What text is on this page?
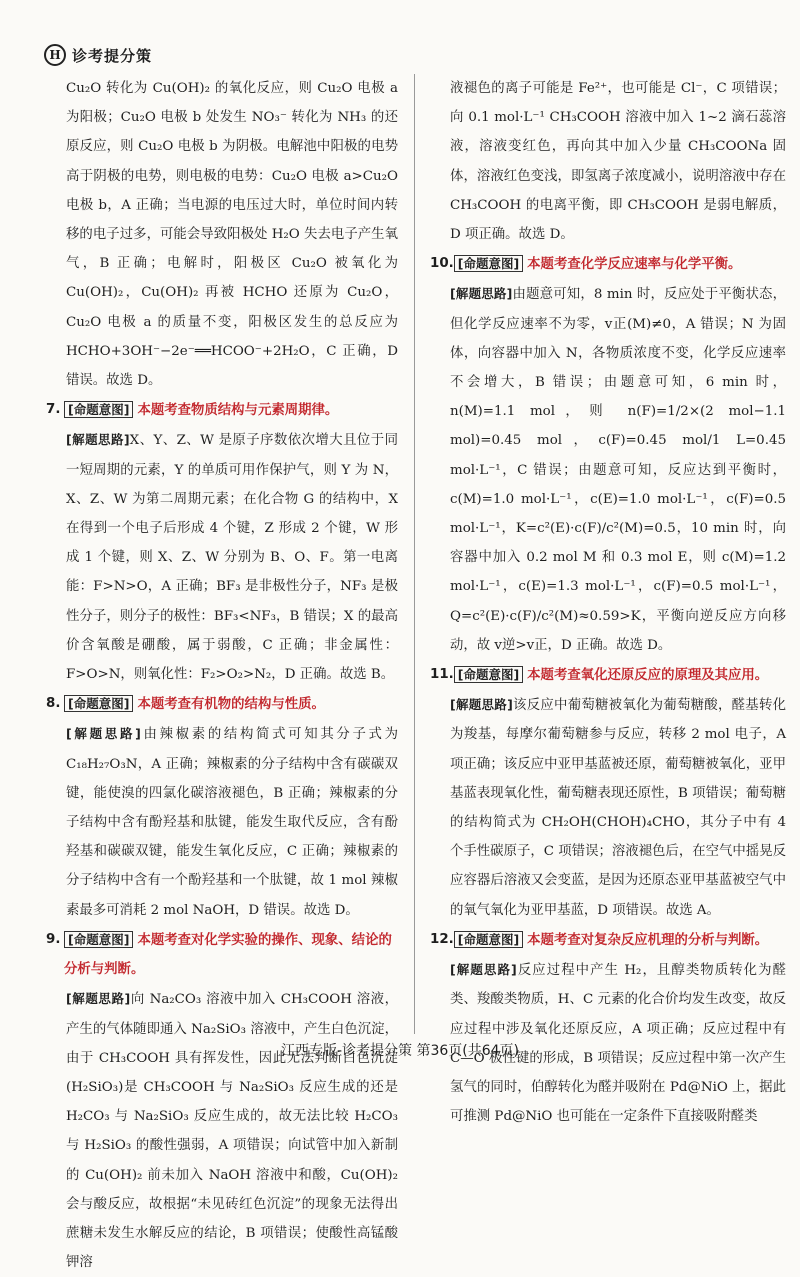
H 诊考提分策

Cu₂O 转化为 Cu(OH)₂ 的氧化反应，则 Cu₂O 电极 a 为阳极；Cu₂O 电极 b 处发生 NO₃⁻ 转化为 NH₃ 的还原反应，则 Cu₂O 电极 b 为阴极。电解池中阳极的电势高于阴极的电势，则电极的电势：Cu₂O 电极 a>Cu₂O 电极 b，A 正确；当电源的电压过大时，单位时间内转移的电子过多，可能会导致阳极处 H₂O 失去电子产生氧气，B 正确；电解时，阳极区 Cu₂O 被氧化为 Cu(OH)₂，Cu(OH)₂ 再被 HCHO 还原为 Cu₂O，Cu₂O 电极 a 的质量不变，阳极区发生的总反应为 HCHO+3OH⁻−2e⁻══HCOO⁻+2H₂O，C 正确，D 错误。故选 D。

7. [命题意图] 本题考查物质结构与元素周期律。

[解题思路]X、Y、Z、W 是原子序数依次增大且位于同一短周期的元素，Y 的单质可用作保护气，则 Y 为 N，X、Z、W 为第二周期元素；在化合物 G 的结构中，X 在得到一个电子后形成 4 个键，Z 形成 2 个键，W 形成 1 个键，则 X、Z、W 分别为 B、O、F。第一电离能：F>N>O，A 正确；BF₃ 是非极性分子，NF₃ 是极性分子，则分子的极性：BF₃<NF₃，B 错误；X 的最高价含氧酸是硼酸，属于弱酸，C 正确；非金属性：F>O>N，则氧化性：F₂>O₂>N₂，D 正确。故选 B。

8. [命题意图] 本题考查有机物的结构与性质。

[解题思路]由辣椒素的结构简式可知其分子式为 C₁₈H₂₇O₃N，A 正确；辣椒素的分子结构中含有碳碳双键，能使溴的四氯化碳溶液褪色，B 正确；辣椒素的分子结构中含有酚羟基和肽键，能发生取代反应，含有酚羟基和碳碳双键，能发生氧化反应，C 正确；辣椒素的分子结构中含有一个酚羟基和一个肽键，故 1 mol 辣椒素最多可消耗 2 mol NaOH，D 错误。故选 D。

9. [命题意图] 本题考查对化学实验的操作、现象、结论的分析与判断。

[解题思路]向 Na₂CO₃ 溶液中加入 CH₃COOH 溶液，产生的气体随即通入 Na₂SiO₃ 溶液中，产生白色沉淀，由于 CH₃COOH 具有挥发性，因此无法判断白色沉淀(H₂SiO₃)是 CH₃COOH 与 Na₂SiO₃ 反应生成的还是 H₂CO₃ 与 Na₂SiO₃ 反应生成的，故无法比较 H₂CO₃ 与 H₂SiO₃ 的酸性强弱，A 项错误；向试管中加入新制的 Cu(OH)₂ 前未加入 NaOH 溶液中和酸，Cu(OH)₂ 会与酸反应，故根据“未见砖红色沉淀”的现象无法得出蔗糖未发生水解反应的结论，B 项错误；使酸性高锰酸钾溶

液褪色的离子可能是 Fe²⁺，也可能是 Cl⁻，C 项错误；向 0.1 mol·L⁻¹ CH₃COOH 溶液中加入 1~2 滴石蕊溶液，溶液变红色，再向其中加入少量 CH₃COONa 固体，溶液红色变浅，即氢离子浓度减小，说明溶液中存在 CH₃COOH 的电离平衡，即 CH₃COOH 是弱电解质，D 项正确。故选 D。

10. [命题意图] 本题考查化学反应速率与化学平衡。

[解题思路]由题意可知，8 min 时，反应处于平衡状态，但化学反应速率不为零，v正(M)≠0，A 错误；N 为固体，向容器中加入 N，各物质浓度不变，化学反应速率不会增大，B 错误；由题意可知，6 min 时，n(M)=1.1 mol，则 n(F)=1/2×(2 mol−1.1 mol)=0.45 mol，c(F)=0.45 mol/1 L=0.45 mol·L⁻¹，C 错误；由题意可知，反应达到平衡时，c(M)=1.0 mol·L⁻¹，c(E)=1.0 mol·L⁻¹，c(F)=0.5 mol·L⁻¹，K=c²(E)·c(F)/c²(M)=0.5，10 min 时，向容器中加入 0.2 mol M 和 0.3 mol E，则 c(M)=1.2 mol·L⁻¹，c(E)=1.3 mol·L⁻¹，c(F)=0.5 mol·L⁻¹，Q=c²(E)·c(F)/c²(M)≈0.59>K，平衡向逆反应方向移动，故 v逆>v正，D 正确。故选 D。

11. [命题意图] 本题考查氧化还原反应的原理及其应用。

[解题思路]该反应中葡萄糖被氧化为葡萄糖酸，醛基转化为羧基，每摩尔葡萄糖参与反应，转移 2 mol 电子，A 项正确；该反应中亚甲基蓝被还原，葡萄糖被氧化，亚甲基蓝表现氧化性，葡萄糖表现还原性，B 项错误；葡萄糖的结构简式为 CH₂OH(CHOH)₄CHO，其分子中有 4 个手性碳原子，C 项错误；溶液褪色后，在空气中摇晃反应容器后溶液又会变蓝，是因为还原态亚甲基蓝被空气中的氧气氧化为亚甲基蓝，D 项错误。故选 A。

12. [命题意图] 本题考查对复杂反应机理的分析与判断。

[解题思路]反应过程中产生 H₂，且醇类物质转化为醛类、羧酸类物质，H、C 元素的化合价均发生改变，故反应过程中涉及氧化还原反应，A 项正确；反应过程中有 C—O 极性键的形成，B 项错误；反应过程中第一次产生氢气的同时，伯醇转化为醛并吸附在 Pd@NiO 上，据此可推测 Pd@NiO 也可能在一定条件下直接吸附醛类

江西专版-诊考提分策 第36页(共64页)
